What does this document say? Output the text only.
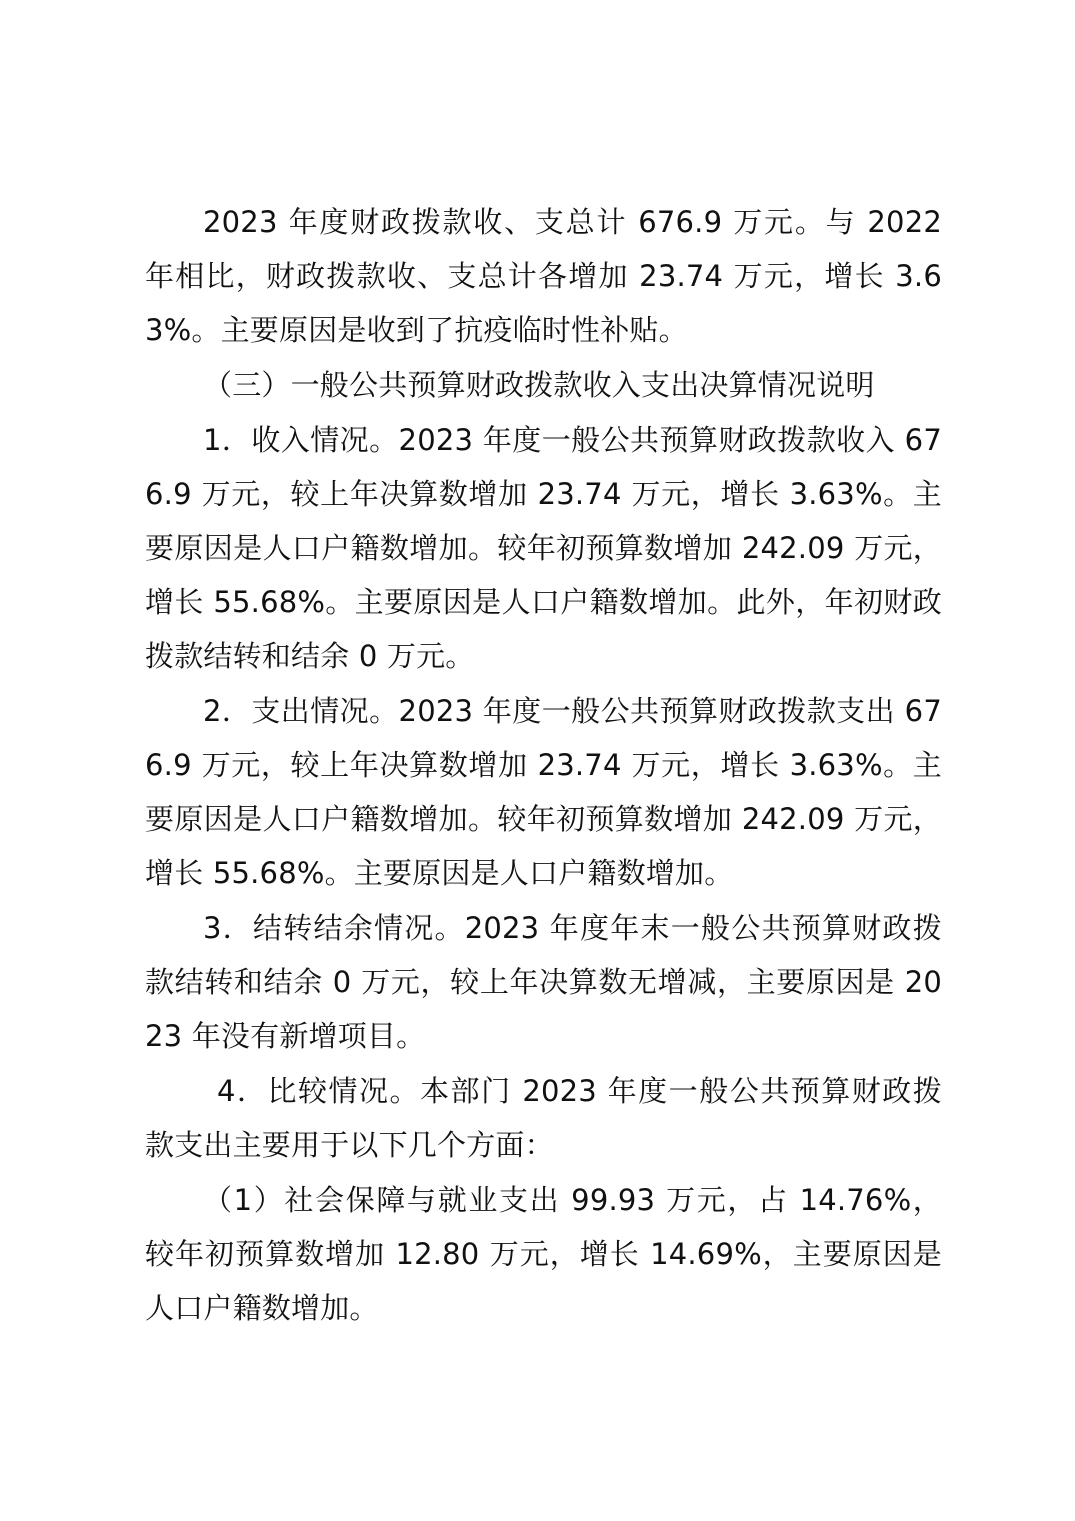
2023 年度财政拨款收、支总计 676.9 万元。与 2022 年相比，财政拨款收、支总计各增加 23.74 万元，增长 3.63%。主要原因是收到了抗疫临时性补贴。

（三）一般公共预算财政拨款收入支出决算情况说明

1．收入情况。2023 年度一般公共预算财政拨款收入 676.9 万元，较上年决算数增加 23.74 万元，增长 3.63%。主要原因是人口户籍数增加。较年初预算数增加 242.09 万元，增长 55.68%。主要原因是人口户籍数增加。此外，年初财政拨款结转和结余 0 万元。

2．支出情况。2023 年度一般公共预算财政拨款支出 676.9 万元，较上年决算数增加 23.74 万元，增长 3.63%。主要原因是人口户籍数增加。较年初预算数增加 242.09 万元，增长 55.68%。主要原因是人口户籍数增加。

3．结转结余情况。2023 年度年末一般公共预算财政拨款结转和结余 0 万元，较上年决算数无增减，主要原因是 2023 年没有新增项目。

4．比较情况。本部门 2023 年度一般公共预算财政拨款支出主要用于以下几个方面：

（1）社会保障与就业支出 99.93 万元，占 14.76%，较年初预算数增加 12.80 万元，增长 14.69%，主要原因是人口户籍数增加。
